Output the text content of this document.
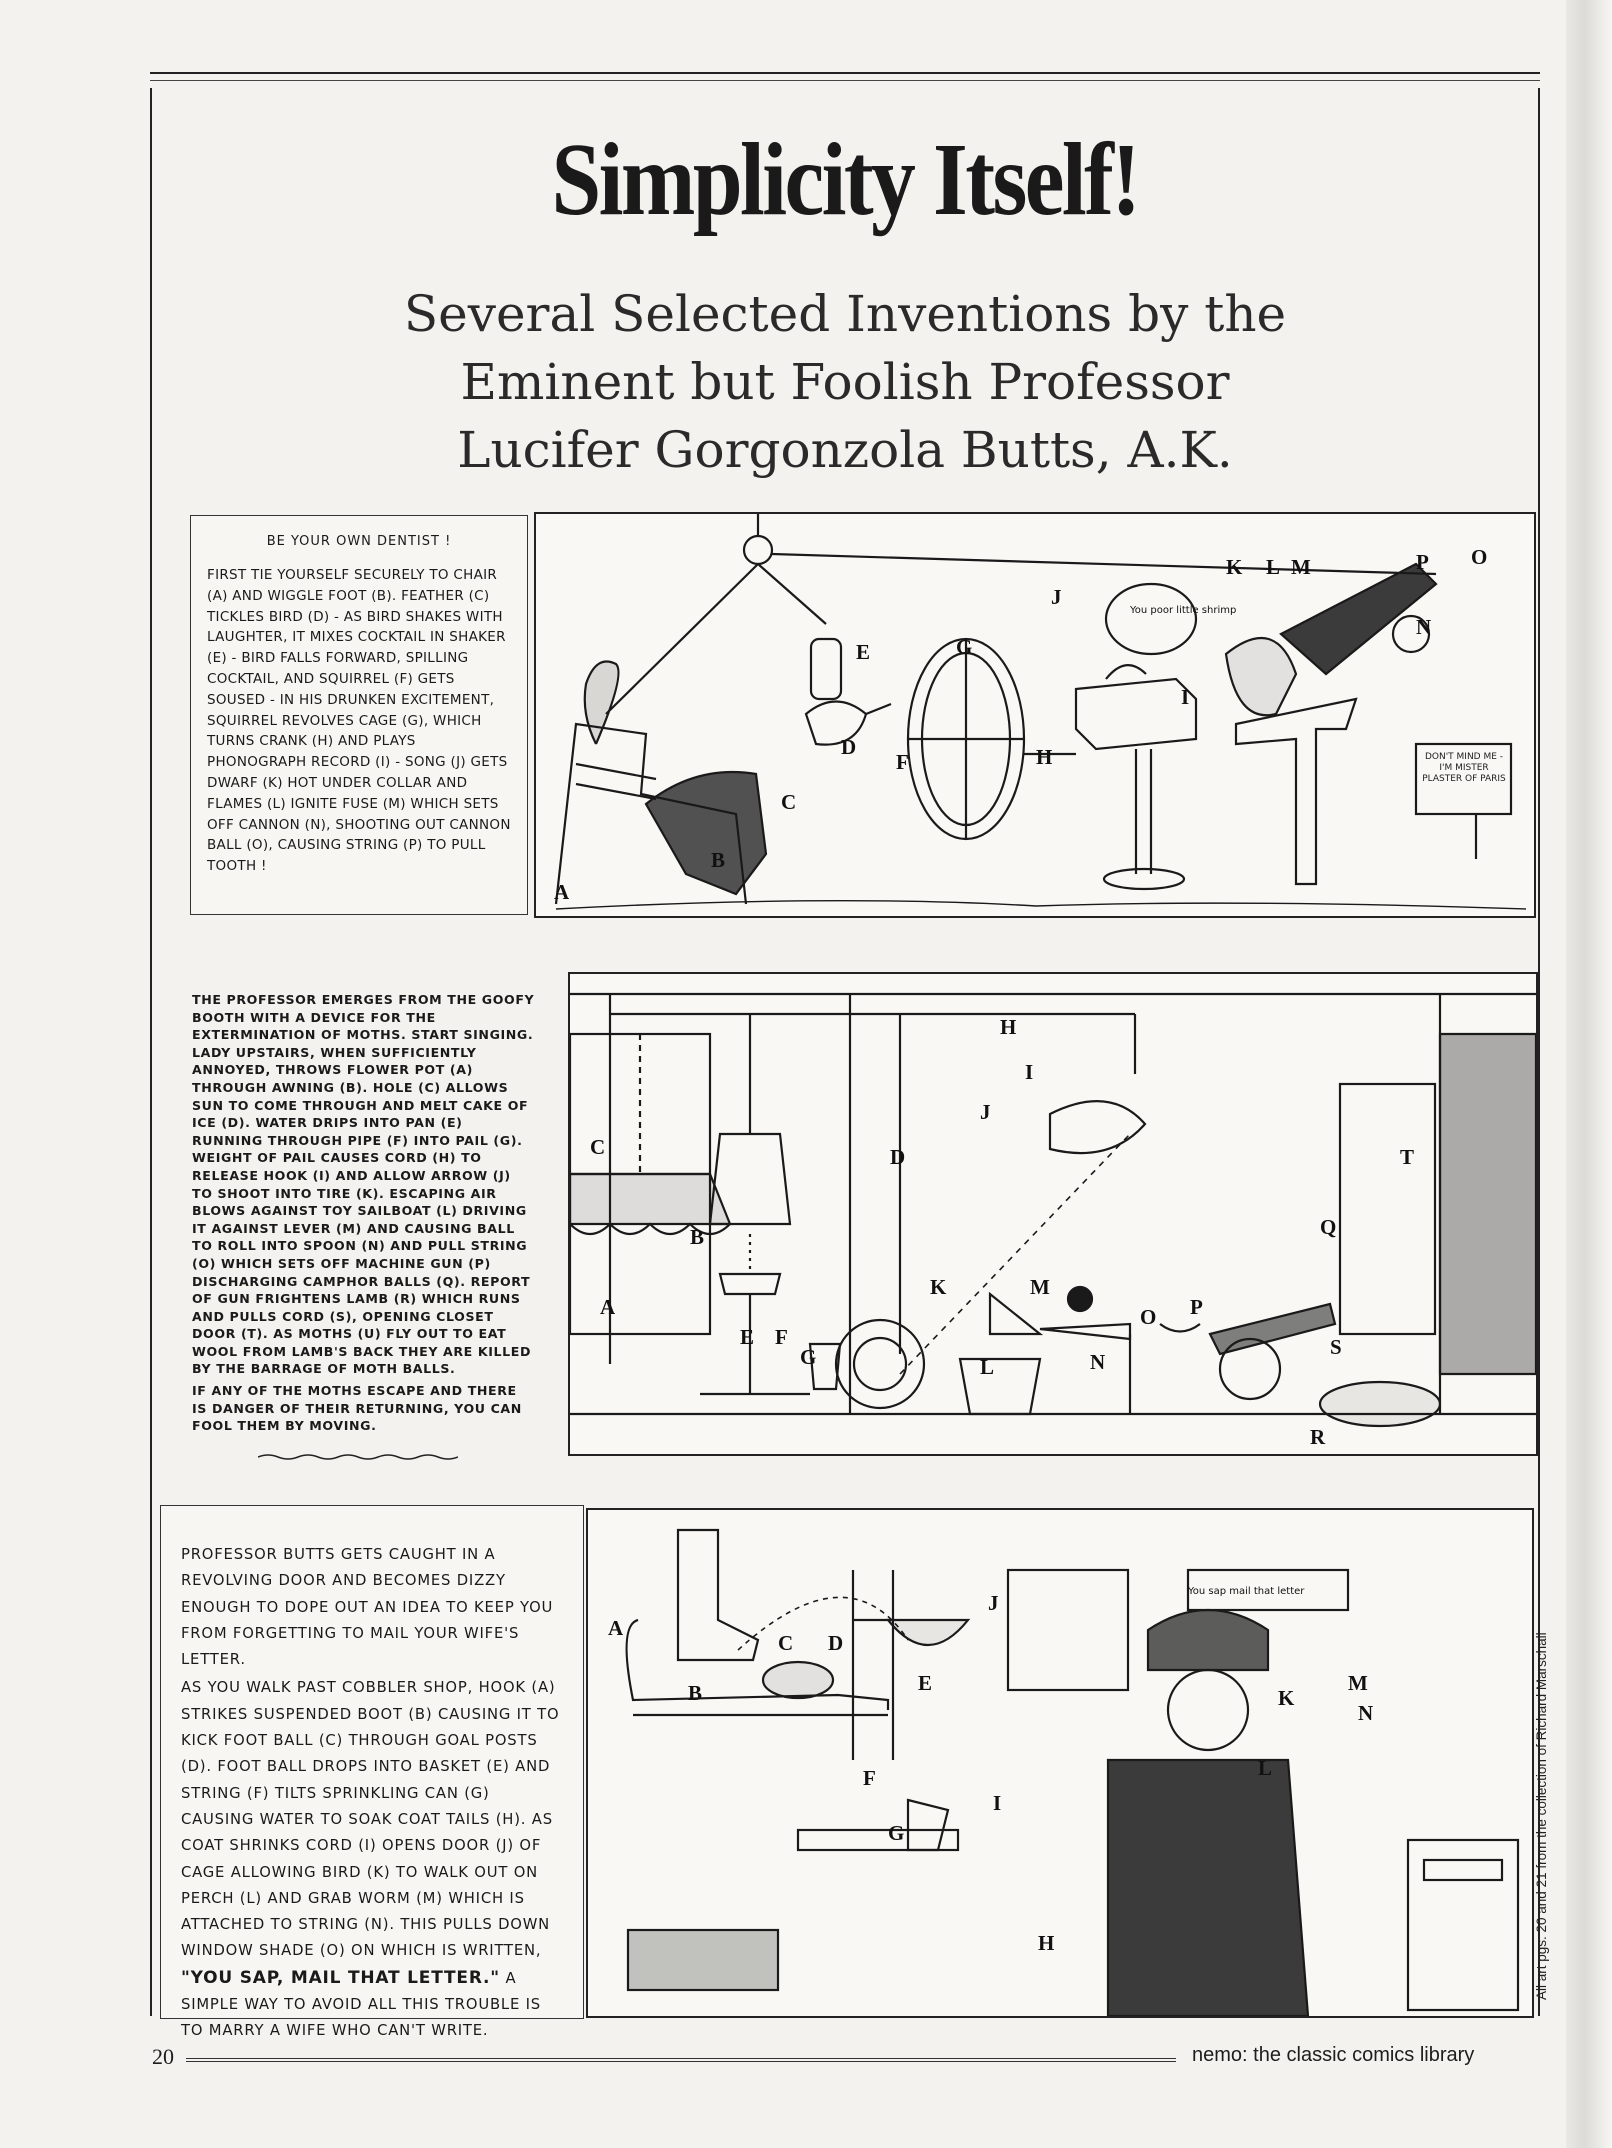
Simplicity Itself!
Several Selected Inventions by the
Eminent but Foolish Professor
Lucifer Gorgonzola Butts, A.K.
BE YOUR OWN DENTIST !
FIRST TIE YOURSELF SECURELY TO CHAIR (A) AND WIGGLE FOOT (B). FEATHER (C) TICKLES BIRD (D) - AS BIRD SHAKES WITH LAUGHTER, IT MIXES COCKTAIL IN SHAKER (E) - BIRD FALLS FORWARD, SPILLING COCKTAIL, AND SQUIRREL (F) GETS SOUSED - IN HIS DRUNKEN EXCITEMENT, SQUIRREL REVOLVES CAGE (G), WHICH TURNS CRANK (H) AND PLAYS PHONOGRAPH RECORD (I) - SONG (J) GETS DWARF (K) HOT UNDER COLLAR AND FLAMES (L) IGNITE FUSE (M) WHICH SETS OFF CANNON (N), SHOOTING OUT CANNON BALL (O), CAUSING STRING (P) TO PULL TOOTH !
You poor little shrimp
DON'T MIND ME - I'M MISTER PLASTER OF PARIS
A
B
C
D
E
F
G
H
I
J
K L M
N
O
P
THE PROFESSOR EMERGES FROM THE GOOFY BOOTH WITH A DEVICE FOR THE EXTERMINATION OF MOTHS. START SINGING. LADY UPSTAIRS, WHEN SUFFICIENTLY ANNOYED, THROWS FLOWER POT (A) THROUGH AWNING (B). HOLE (C) ALLOWS SUN TO COME THROUGH AND MELT CAKE OF ICE (D). WATER DRIPS INTO PAN (E) RUNNING THROUGH PIPE (F) INTO PAIL (G). WEIGHT OF PAIL CAUSES CORD (H) TO RELEASE HOOK (I) AND ALLOW ARROW (J) TO SHOOT INTO TIRE (K). ESCAPING AIR BLOWS AGAINST TOY SAILBOAT (L) DRIVING IT AGAINST LEVER (M) AND CAUSING BALL TO ROLL INTO SPOON (N) AND PULL STRING (O) WHICH SETS OFF MACHINE GUN (P) DISCHARGING CAMPHOR BALLS (Q). REPORT OF GUN FRIGHTENS LAMB (R) WHICH RUNS AND PULLS CORD (S), OPENING CLOSET DOOR (T). AS MOTHS (U) FLY OUT TO EAT WOOL FROM LAMB'S BACK THEY ARE KILLED BY THE BARRAGE OF MOTH BALLS.
IF ANY OF THE MOTHS ESCAPE AND THERE IS DANGER OF THEIR RETURNING, YOU CAN FOOL THEM BY MOVING.
A
B
C	D
E F
G
H
I
J
K
L
M
N
O P
Q
R
S
T
PROFESSOR BUTTS GETS CAUGHT IN A REVOLVING DOOR AND BECOMES DIZZY ENOUGH TO DOPE OUT AN IDEA TO KEEP YOU FROM FORGETTING TO MAIL YOUR WIFE'S LETTER.
AS YOU WALK PAST COBBLER SHOP, HOOK (A) STRIKES SUSPENDED BOOT (B) CAUSING IT TO KICK FOOT BALL (C) THROUGH GOAL POSTS (D). FOOT BALL DROPS INTO BASKET (E) AND STRING (F) TILTS SPRINKLING CAN (G) CAUSING WATER TO SOAK COAT TAILS (H). AS COAT SHRINKS CORD (I) OPENS DOOR (J) OF CAGE ALLOWING BIRD (K) TO WALK OUT ON PERCH (L) AND GRAB WORM (M) WHICH IS ATTACHED TO STRING (N). THIS PULLS DOWN WINDOW SHADE (O) ON WHICH IS WRITTEN, "YOU SAP, MAIL THAT LETTER." A SIMPLE WAY TO AVOID ALL THIS TROUBLE IS TO MARRY A WIFE WHO CAN'T WRITE.
You sap mail that letter
A
B
C D
E
F
G
H
I
J
K
L
M
N	All art pgs. 20 and 21 from the collection of Richard Marschall
20	nemo: the classic comics library
